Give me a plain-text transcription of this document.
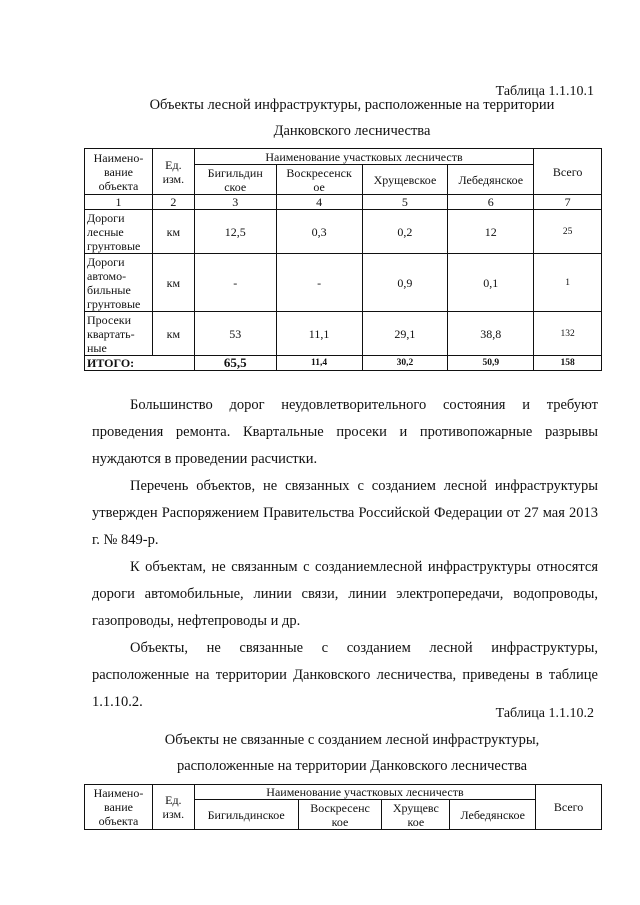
Таблица 1.1.10.1
Объекты лесной инфраструктуры, расположенные на территории
Данковского лесничества
Наимено-
вание
объекта	Ед.
изм.	Наименование участковых лесничеств				Всего
		Бигильдин
ское	Воскресенск
ое	Хрущевское	Лебедянское	
1	2	3	4	5	6	7
Дороги
лесные
грунтовые	км	12,5	0,3	0,2	12	25
Дороги
автомо-
бильные
грунтовые	км	-	-	0,9	0,1	1
Просеки
квартать-
ные	км	53	11,1	29,1	38,8	132
ИТОГО:		65,5	11,4	30,2	50,9	158

Большинство дорог неудовлетворительного состояния и требуют проведения ремонта. Квартальные просеки и противопожарные разрывы нуждаются в проведении расчистки.

Перечень объектов, не связанных с созданием лесной инфраструктуры утвержден Распоряжением Правительства Российской Федерации от 27 мая 2013 г. № 849-р.

К объектам, не связанным с созданиемлесной инфраструктуры относятся дороги автомобильные, линии связи, линии электропередачи, водопроводы, газопроводы, нефтепроводы и др.

Объекты, не связанные с созданием лесной инфраструктуры, расположенные на территории Данковского лесничества, приведены в таблице 1.1.10.2.

Таблица 1.1.10.2
Объекты не связанные с созданием лесной инфраструктуры,
расположенные на территории Данковского лесничества
Наимено-
вание
объекта	Ед.
изм.	Наименование участковых лесничеств				Всего
		Бигильдинское	Воскресенс
кое	Хрущевс
кое	Лебедянское	
